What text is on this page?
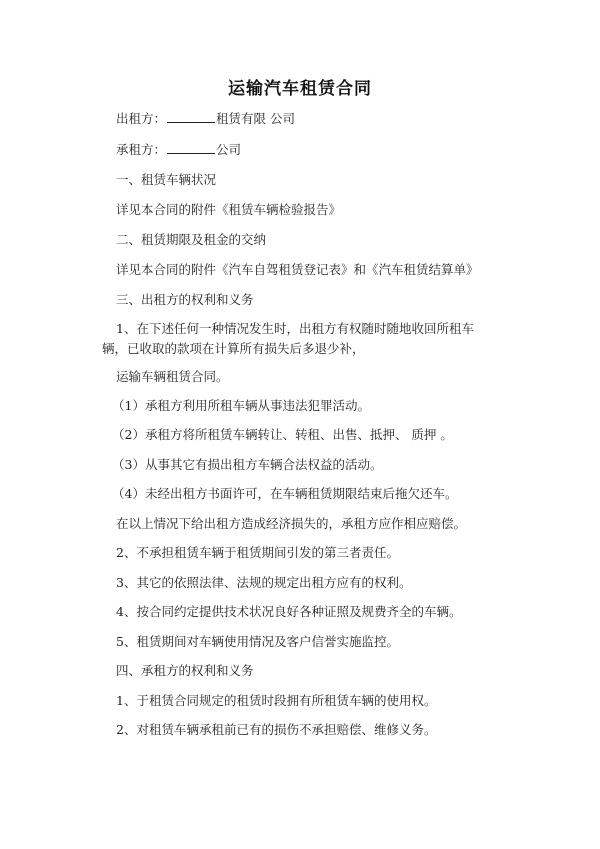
运输汽车租赁合同
出租方：	租赁有限 公司
承租方：	公司
一、租赁车辆状况
详见本合同的附件《租赁车辆检验报告》
二、租赁期限及租金的交纳
详见本合同的附件《汽车自驾租赁登记表》和《汽车租赁结算单》
三、出租方的权利和义务
1、在下述任何一种情况发生时，出租方有权随时随地收回所租车辆，已收取的款项在计算所有损失后多退少补，
运输车辆租赁合同。
（1）承租方利用所租车辆从事违法犯罪活动。
（2）承租方将所租赁车辆转让、转租、出售、抵押、 质押 。
（3）从事其它有损出租方车辆合法权益的活动。
（4）未经出租方书面许可，在车辆租赁期限结束后拖欠还车。
在以上情况下给出租方造成经济损失的，承租方应作相应赔偿。
2、不承担租赁车辆于租赁期间引发的第三者责任。
3、其它的依照法律、法规的规定出租方应有的权利。
4、按合同约定提供技术状况良好各种证照及规费齐全的车辆。
5、租赁期间对车辆使用情况及客户信誉实施监控。
四、承租方的权利和义务
1、于租赁合同规定的租赁时段拥有所租赁车辆的使用权。
2、对租赁车辆承租前已有的损伤不承担赔偿、维修义务。
